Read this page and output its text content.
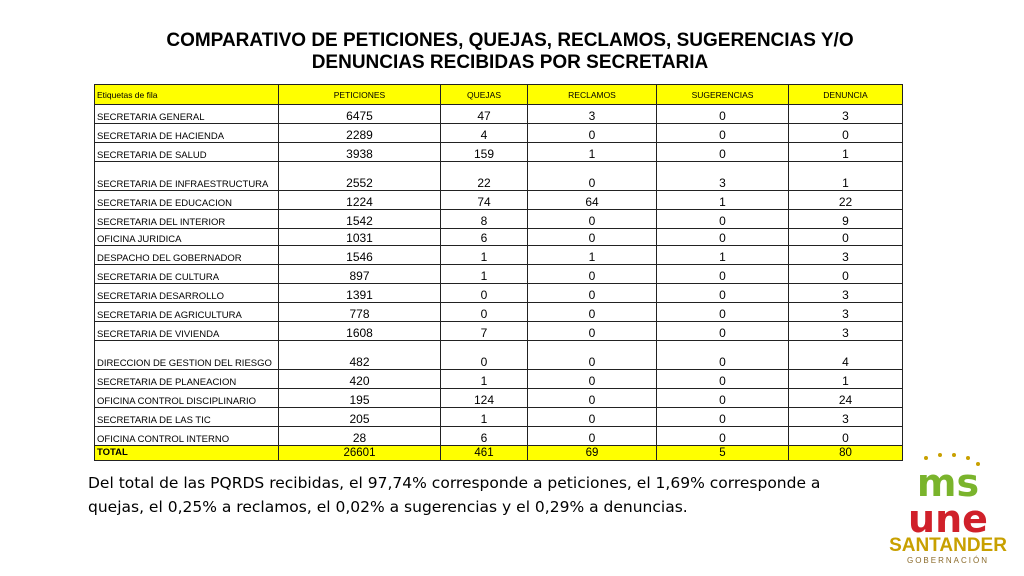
COMPARATIVO DE PETICIONES, QUEJAS, RECLAMOS, SUGERENCIAS Y/O
DENUNCIAS RECIBIDAS POR SECRETARIA
Etiquetas de fila	PETICIONES	QUEJAS	RECLAMOS	SUGERENCIAS	DENUNCIA
SECRETARIA GENERAL	6475	47	3	0	3
SECRETARIA DE HACIENDA	2289	4	0	0	0
SECRETARIA DE SALUD	3938	159	1	0	1
SECRETARIA DE INFRAESTRUCTURA	2552	22	0	3	1
SECRETARIA DE EDUCACION	1224	74	64	1	22
SECRETARIA DEL INTERIOR	1542	8	0	0	9
OFICINA JURIDICA	1031	6	0	0	0
DESPACHO DEL GOBERNADOR	1546	1	1	1	3
SECRETARIA DE CULTURA	897	1	0	0	0
SECRETARIA DESARROLLO	1391	0	0	0	3
SECRETARIA DE AGRICULTURA	778	0	0	0	3
SECRETARIA DE VIVIENDA	1608	7	0	0	3
DIRECCION DE GESTION DEL RIESGO	482	0	0	0	4
SECRETARIA DE PLANEACION	420	1	0	0	1
OFICINA CONTROL DISCIPLINARIO	195	124	0	0	24
SECRETARIA DE LAS TIC	205	1	0	0	3
OFICINA CONTROL INTERNO	28	6	0	0	0
TOTAL	26601	461	69	5	80
Del total de las PQRDS recibidas, el 97,74% corresponde a peticiones, el 1,69% corresponde a quejas, el 0,25% a reclamos, el 0,02% a sugerencias y el 0,29% a denuncias.
ms
une
SANTANDER
GOBERNACIÓN
